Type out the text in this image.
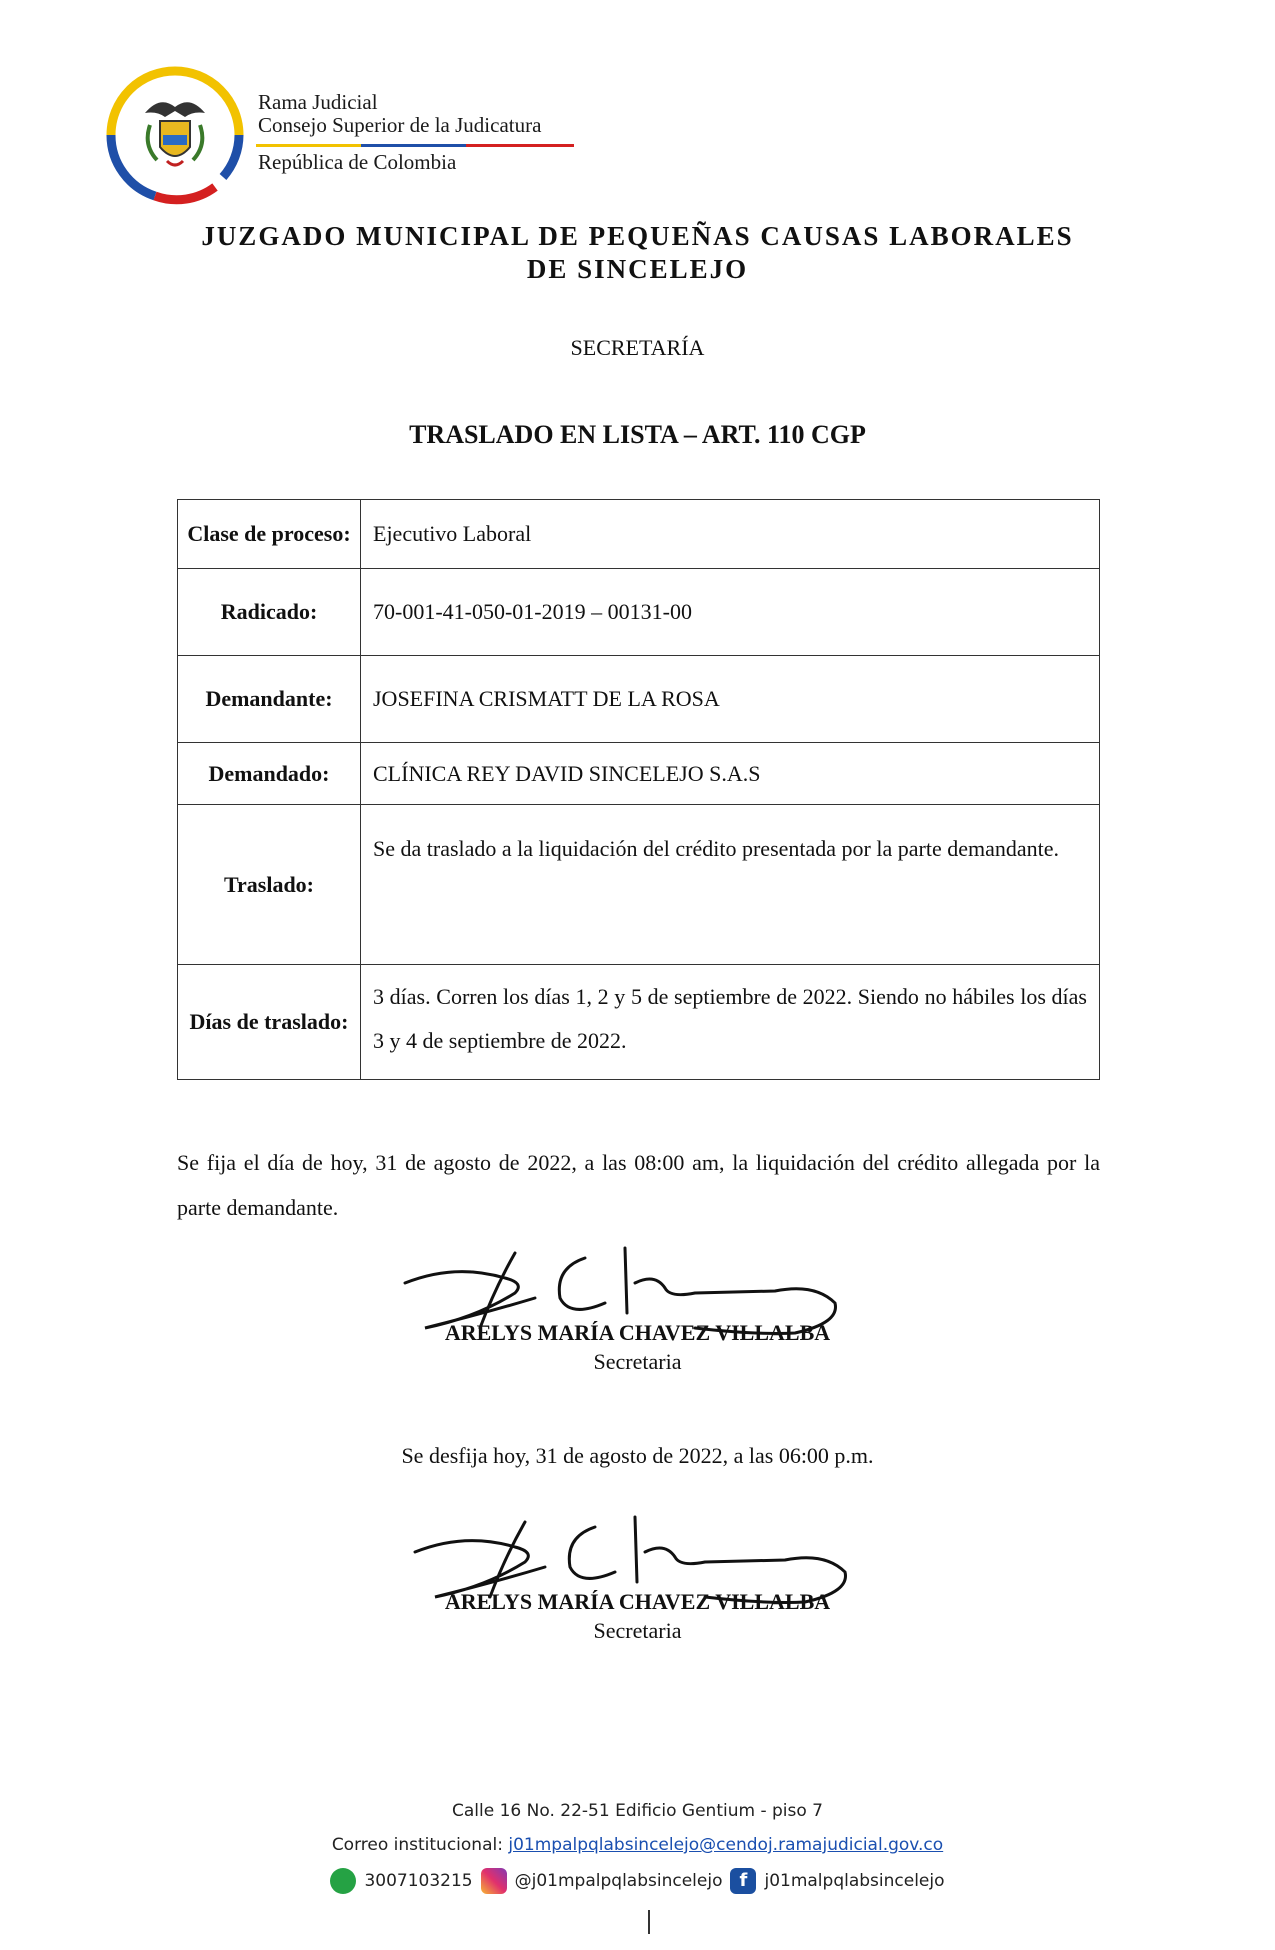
Rama Judicial
Consejo Superior de la Judicatura
República de Colombia
JUZGADO MUNICIPAL DE PEQUEÑAS CAUSAS LABORALES
DE SINCELEJO
SECRETARÍA
TRASLADO EN LISTA – ART. 110 CGP
Clase de proceso:	Ejecutivo Laboral
Radicado:	70-001-41-050-01-2019 – 00131-00
Demandante:	JOSEFINA CRISMATT DE LA ROSA
Demandado:	CLÍNICA REY DAVID SINCELEJO S.A.S
Traslado:	Se da traslado a la liquidación del crédito presentada por la parte demandante.
Días de traslado:	3 días. Corren los días 1, 2 y 5 de septiembre de 2022. Siendo no hábiles los días 3 y 4 de septiembre de 2022.
Se fija el día de hoy, 31 de agosto de 2022, a las 08:00 am, la liquidación del crédito allegada por la parte demandante.
ARELYS MARÍA CHAVEZ VILLALBA
Secretaria
Se desfija hoy, 31 de agosto de 2022, a las 06:00 p.m.
ARELYS MARÍA CHAVEZ VILLALBA
Secretaria
Calle 16 No. 22-51 Edificio Gentium - piso 7
Correo institucional: j01mpalpqlabsincelejo@cendoj.ramajudicial.gov.co
3007103215 @j01mpalpqlabsincelejo f	j01malpqlabsincelejo
